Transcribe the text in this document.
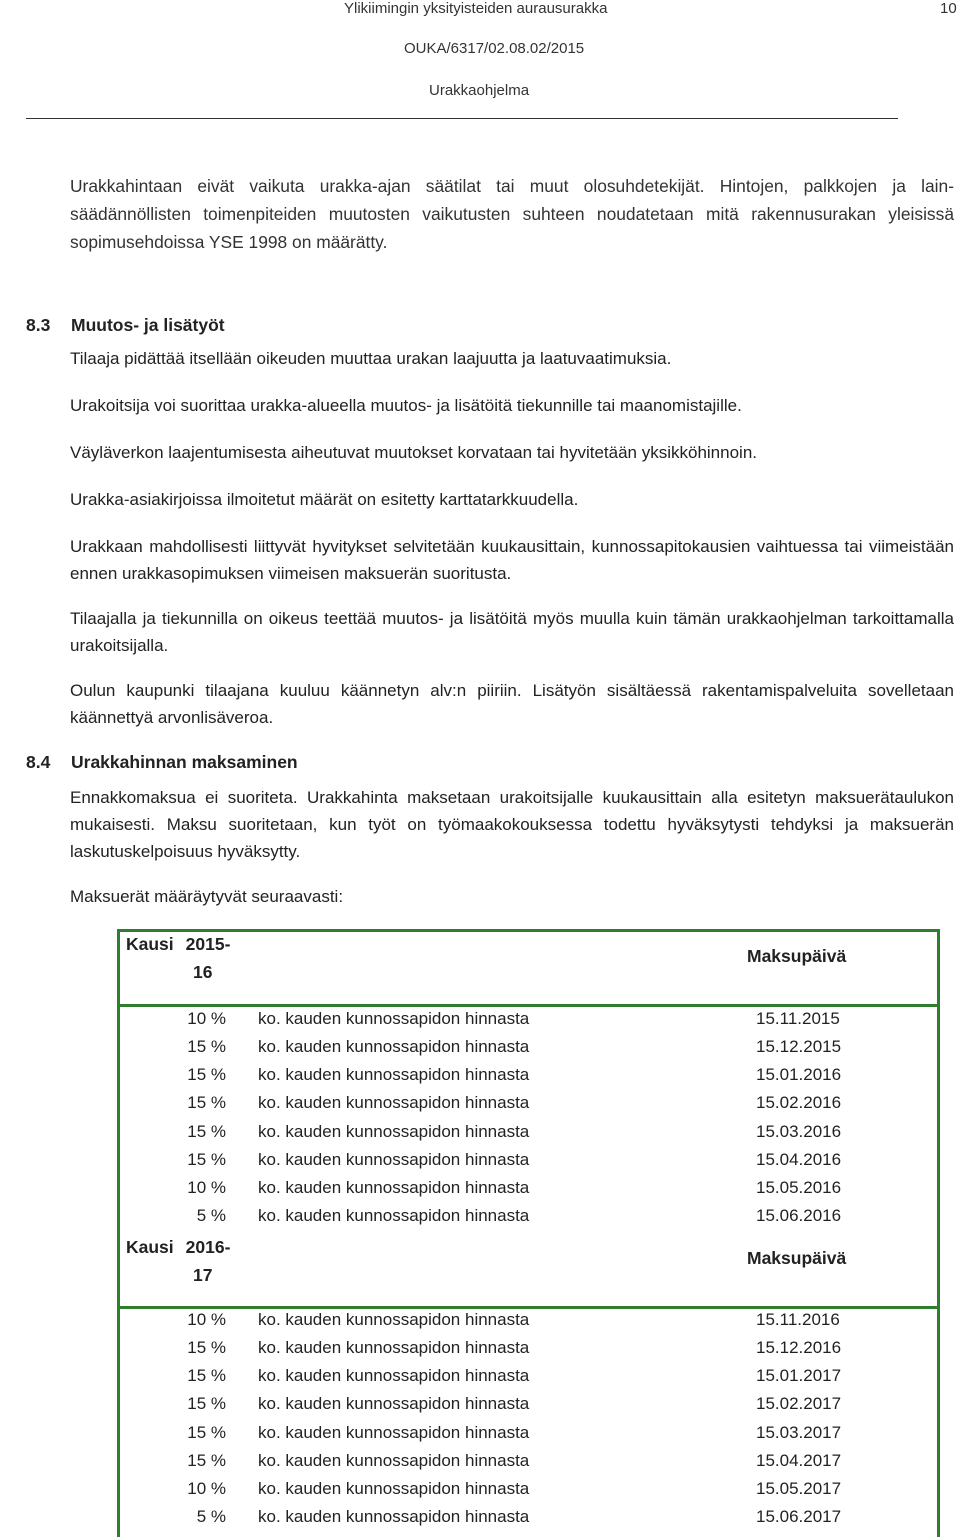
Ylikiimingin yksityisteiden aurausurakka	10
OUKA/6317/02.08.02/2015
Urakkaohjelma
Urakkahintaan eivät vaikuta urakka-ajan säätilat tai muut olosuhdetekijät. Hintojen, palkkojen ja lainsäädännöllisten toimenpiteiden muutosten vaikutusten suhteen noudatetaan mitä rakennusurakan yleisissä sopimusehdoissa YSE 1998 on määrätty.
8.3 Muutos- ja lisätyöt
Tilaaja pidättää itsellään oikeuden muuttaa urakan laajuutta ja laatuvaatimuksia.
Urakoitsija voi suorittaa urakka-alueella muutos- ja lisätöitä tiekunnille tai maanomistajille.
Väyläverkon laajentumisesta aiheutuvat muutokset korvataan tai hyvitetään yksikköhinnoin.
Urakka-asiakirjoissa ilmoitetut määrät on esitetty karttatarkkuudella.
Urakkaan mahdollisesti liittyvät hyvitykset selvitetään kuukausittain, kunnossapitokausien vaihtuessa tai viimeistään ennen urakkasopimuksen viimeisen maksuerän suoritusta.
Tilaajalla ja tiekunnilla on oikeus teettää muutos- ja lisätöitä myös muulla kuin tämän urakkaohjelman tarkoittamalla urakoitsijalla.
Oulun kaupunki tilaajana kuuluu käännetyn alv:n piiriin. Lisätyön sisältäessä rakentamispalveluita sovelletaan käännettyä arvonlisäveroa.
8.4 Urakkahinnan maksaminen
Ennakkomaksua ei suoriteta. Urakkahinta maksetaan urakoitsijalle kuukausittain alla esitetyn maksuerätaulukon mukaisesti. Maksu suoritetaan, kun työt on työmaakokouksessa todettu hyväksytysti tehdyksi ja maksuerän laskutuskelpoisuus hyväksytty.
Maksuerät määräytyvät seuraavasti:
Kausi 2015-
16
Maksupäivä
10 % ko. kauden kunnossapidon hinnasta	15.11.2015
15 % ko. kauden kunnossapidon hinnasta	15.12.2015
15 % ko. kauden kunnossapidon hinnasta	15.01.2016
15 % ko. kauden kunnossapidon hinnasta	15.02.2016
15 % ko. kauden kunnossapidon hinnasta	15.03.2016
15 % ko. kauden kunnossapidon hinnasta	15.04.2016
10 % ko. kauden kunnossapidon hinnasta	15.05.2016
5 % ko. kauden kunnossapidon hinnasta	15.06.2016
Kausi 2016-
17
Maksupäivä
10 % ko. kauden kunnossapidon hinnasta	15.11.2016
15 % ko. kauden kunnossapidon hinnasta	15.12.2016
15 % ko. kauden kunnossapidon hinnasta	15.01.2017
15 % ko. kauden kunnossapidon hinnasta	15.02.2017
15 % ko. kauden kunnossapidon hinnasta	15.03.2017
15 % ko. kauden kunnossapidon hinnasta	15.04.2017
10 % ko. kauden kunnossapidon hinnasta	15.05.2017
5 % ko. kauden kunnossapidon hinnasta	15.06.2017
